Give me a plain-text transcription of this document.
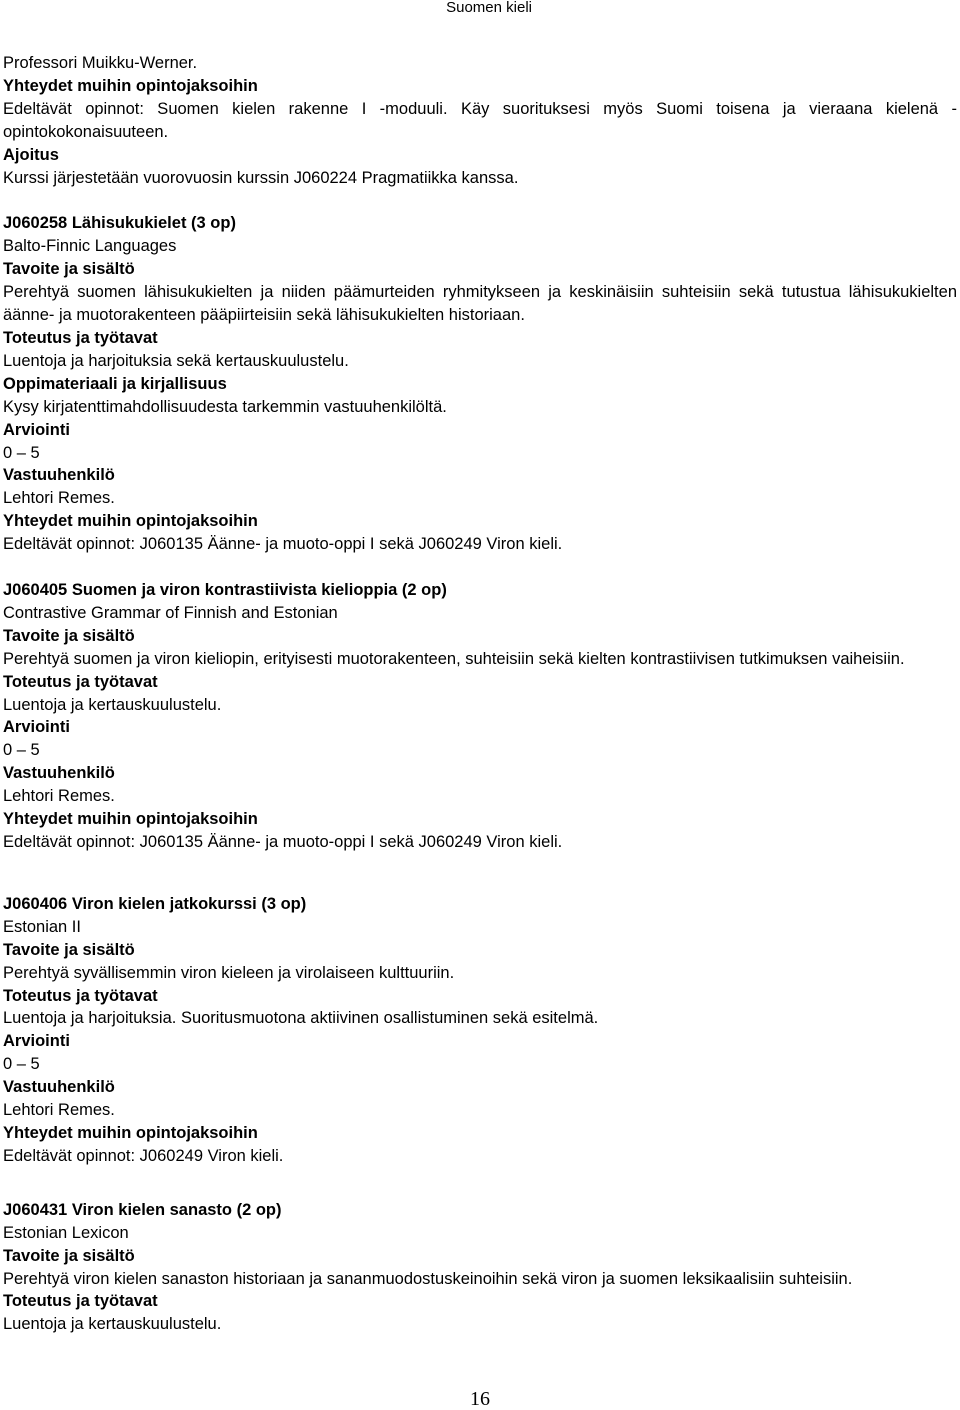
Suomen kieli

Professori Muikku-Werner.

Yhteydet muihin opintojaksoihin

Edeltävät opinnot: Suomen kielen rakenne I -moduuli. Käy suorituksesi myös Suomi toisena ja vieraana kielenä -opintokokonaisuuteen.

Ajoitus

Kurssi järjestetään vuorovuosin kurssin J060224 Pragmatiikka kanssa.

J060258 Lähisukukielet (3 op)

Balto-Finnic Languages

Tavoite ja sisältö

Perehtyä suomen lähisukukielten ja niiden päämurteiden ryhmitykseen ja keskinäisiin suhteisiin sekä tutustua lähisukukielten äänne- ja muotorakenteen pääpiirteisiin sekä lähisukukielten historiaan.

Toteutus ja työtavat

Luentoja ja harjoituksia sekä kertauskuulustelu.

Oppimateriaali ja kirjallisuus

Kysy kirjatenttimahdollisuudesta tarkemmin vastuuhenkilöltä.

Arviointi

0 – 5

Vastuuhenkilö

Lehtori Remes.

Yhteydet muihin opintojaksoihin

Edeltävät opinnot: J060135 Äänne- ja muoto-oppi I sekä J060249 Viron kieli.

J060405 Suomen ja viron kontrastiivista kielioppia (2 op)

Contrastive Grammar of Finnish and Estonian

Tavoite ja sisältö

Perehtyä suomen ja viron kieliopin, erityisesti muotorakenteen, suhteisiin sekä kielten kontrastiivisen tutkimuksen vaiheisiin.

Toteutus ja työtavat

Luentoja ja kertauskuulustelu.

Arviointi

0 – 5

Vastuuhenkilö

Lehtori Remes.

Yhteydet muihin opintojaksoihin

Edeltävät opinnot: J060135 Äänne- ja muoto-oppi I sekä J060249 Viron kieli.

J060406 Viron kielen jatkokurssi (3 op)

Estonian II

Tavoite ja sisältö

Perehtyä syvällisemmin viron kieleen ja virolaiseen kulttuuriin.

Toteutus ja työtavat

Luentoja ja harjoituksia. Suoritusmuotona aktiivinen osallistuminen sekä esitelmä.

Arviointi

0 – 5

Vastuuhenkilö

Lehtori Remes.

Yhteydet muihin opintojaksoihin

Edeltävät opinnot: J060249 Viron kieli.

J060431 Viron kielen sanasto (2 op)

Estonian Lexicon

Tavoite ja sisältö

Perehtyä viron kielen sanaston historiaan ja sananmuodostuskeinoihin sekä viron ja suomen leksikaalisiin suhteisiin.

Toteutus ja työtavat

Luentoja ja kertauskuulustelu.

16
